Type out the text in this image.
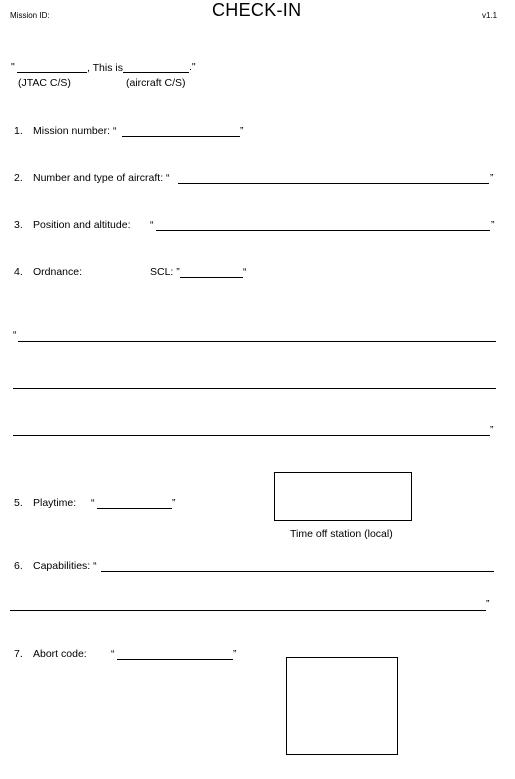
Mission ID:	CHECK-IN	v1.1
"	, This is	."
(JTAC C/S)	(aircraft C/S)
1. Mission number: “	”
2. Number and type of aircraft: “	”
3. Position and altitude: “	”
4. Ordnance:	SCL: ”	“
“
”
5. Playtime: “	”
Time off station (local)
6. Capabilities: “
”
7. Abort code: “	”
